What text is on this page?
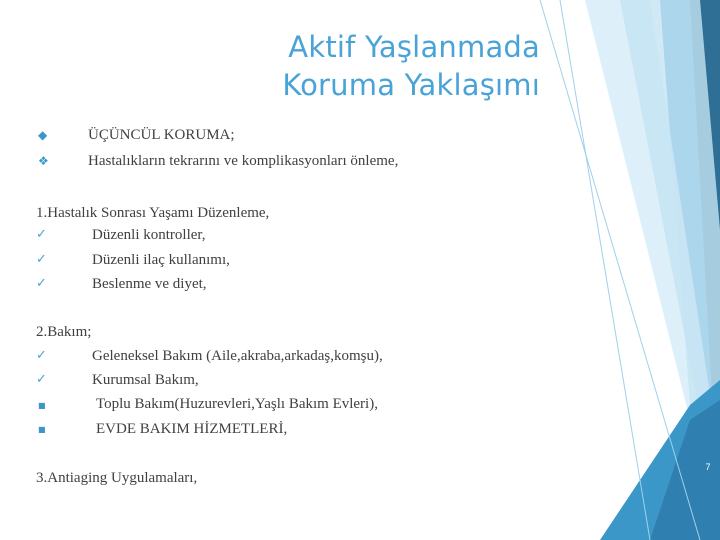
Aktif Yaşlanmada
Koruma Yaklaşımı
◆	ÜÇÜNCÜL KORUMA;
❖	Hastalıkların tekrarını ve komplikasyonları önleme,
1.Hastalık Sonrası Yaşamı Düzenleme,
✓	Düzenli kontroller,
✓	Düzenli ilaç kullanımı,
✓	Beslenme ve diyet,
2.Bakım;
✓	Geleneksel Bakım (Aile,akraba,arkadaş,komşu),
✓	Kurumsal Bakım,
■	Toplu Bakım(Huzurevleri,Yaşlı Bakım Evleri),
■	EVDE BAKIM HİZMETLERİ,
3.Antiaging Uygulamaları,
7
